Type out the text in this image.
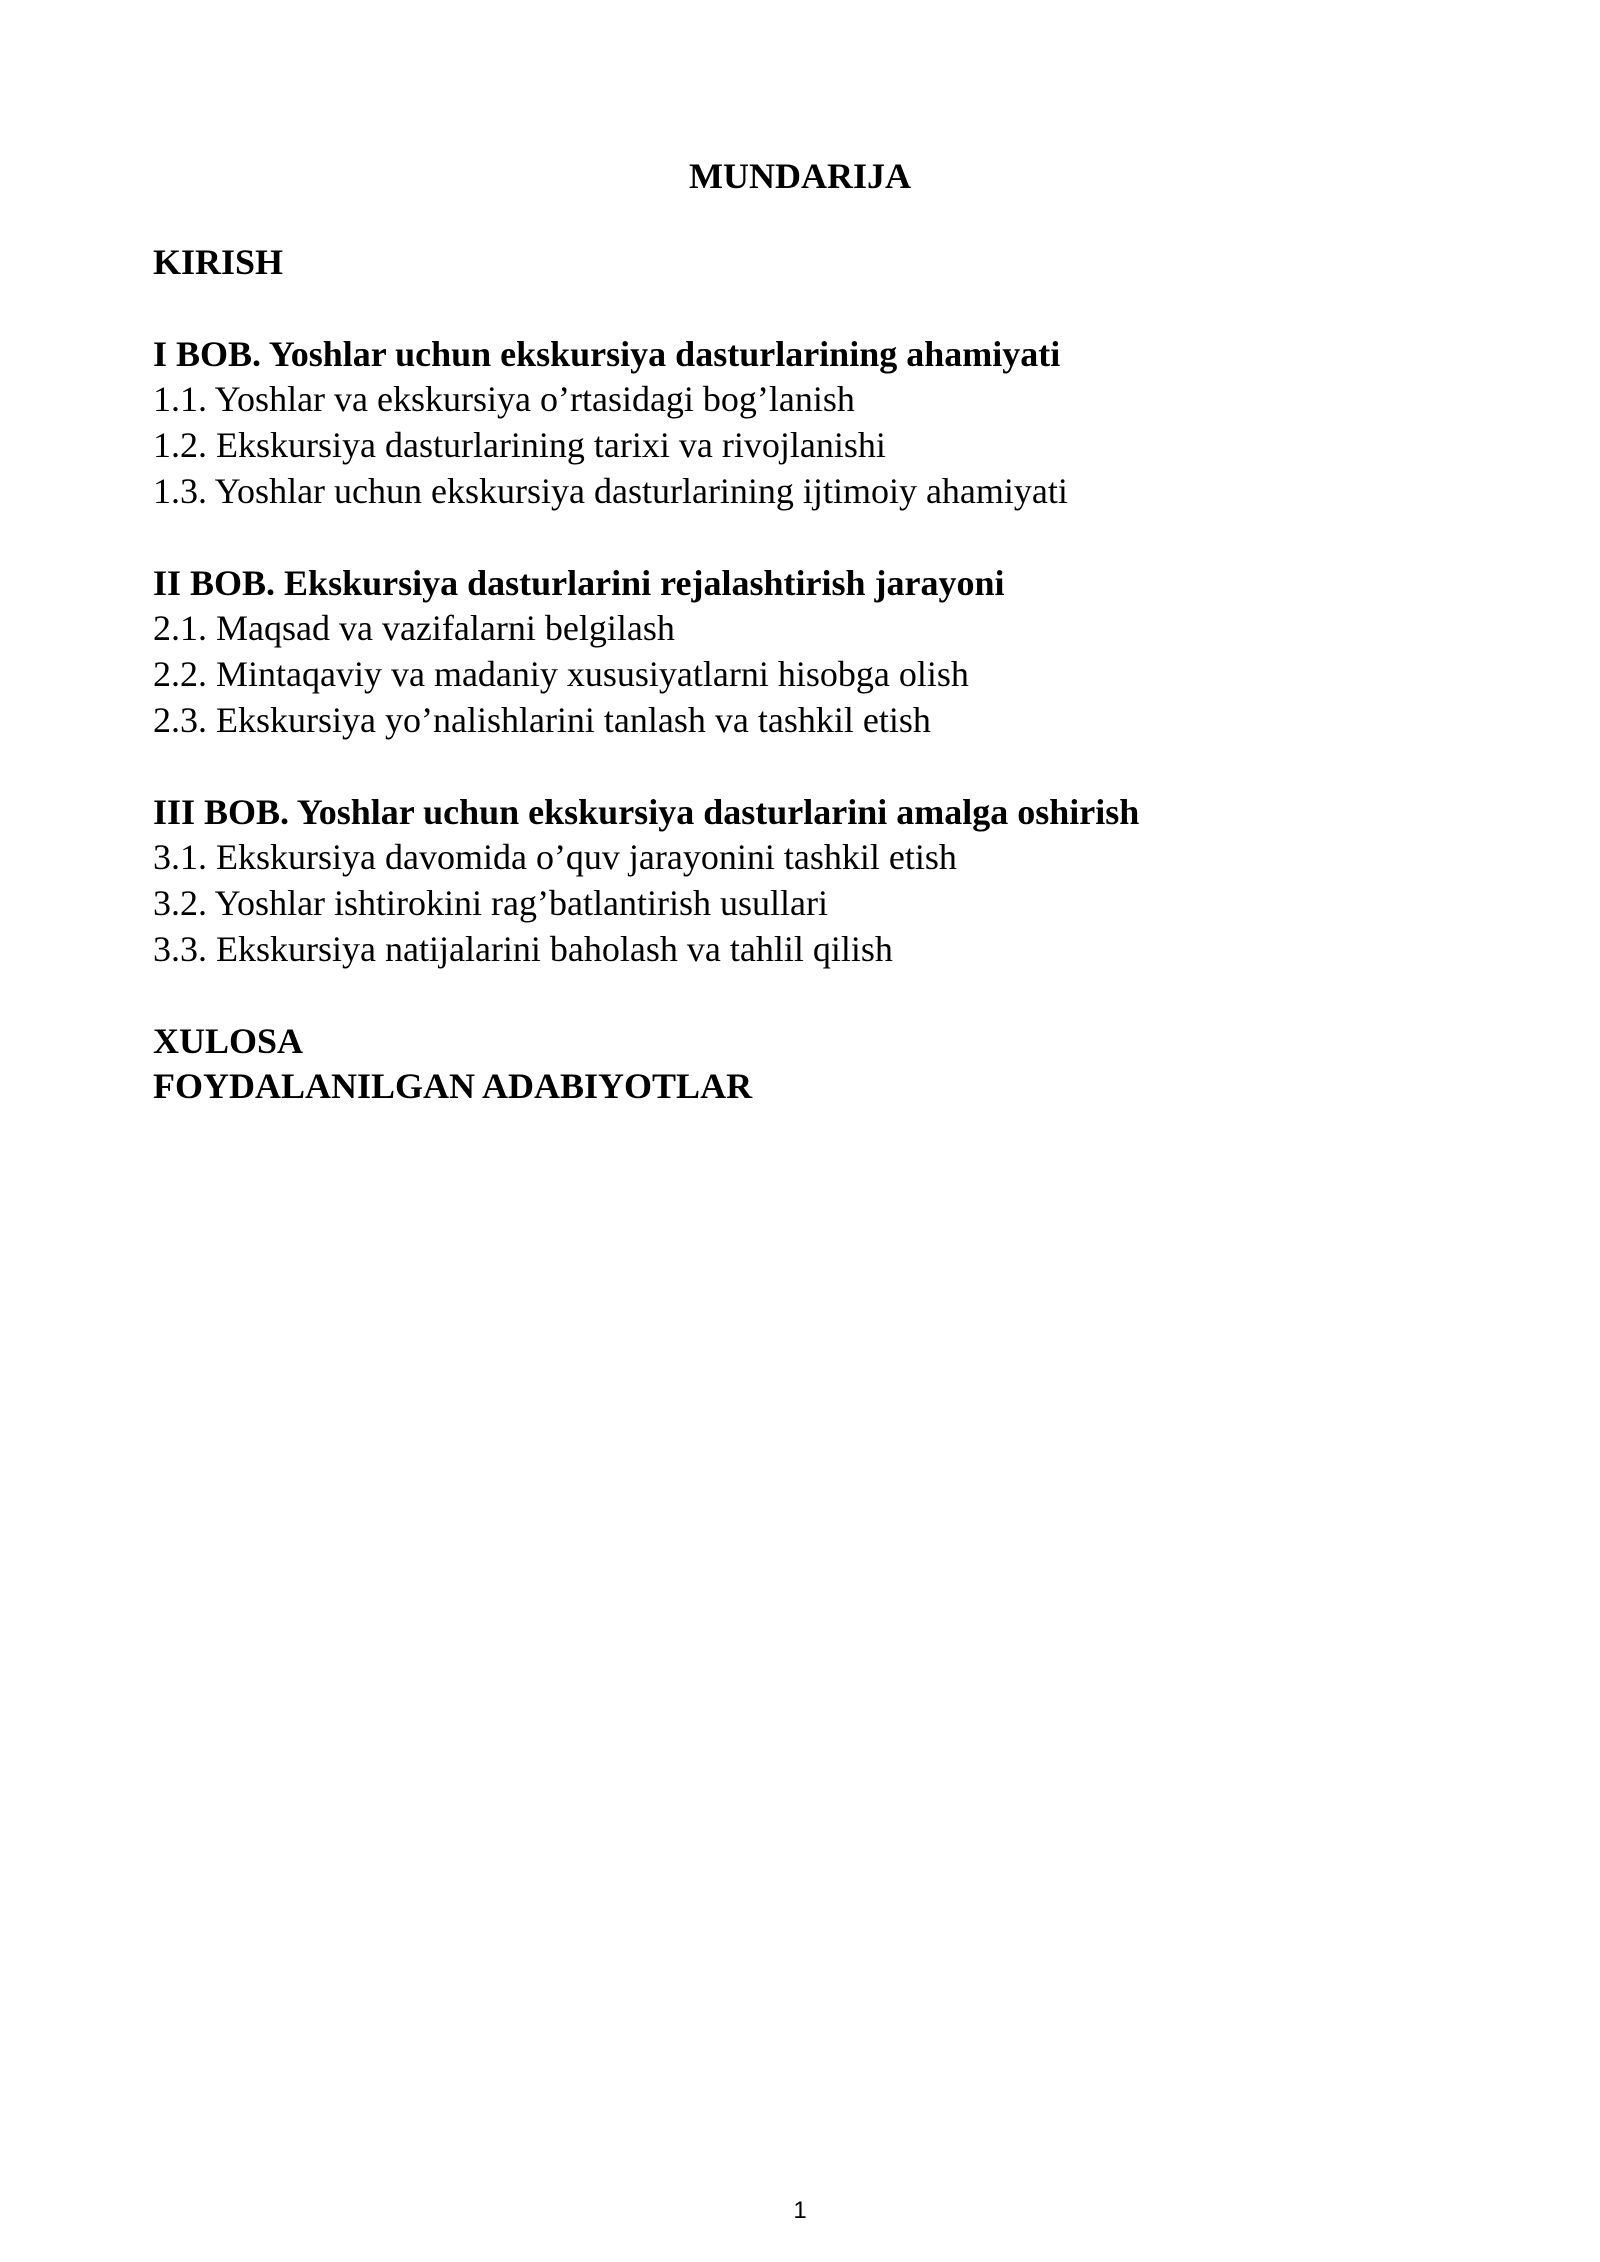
MUNDARIJA

KIRISH

I BOB. Yoshlar uchun ekskursiya dasturlarining ahamiyati

1.1. Yoshlar va ekskursiya o’rtasidagi bog’lanish

1.2. Ekskursiya dasturlarining tarixi va rivojlanishi

1.3. Yoshlar uchun ekskursiya dasturlarining ijtimoiy ahamiyati

II BOB. Ekskursiya dasturlarini rejalashtirish jarayoni

2.1. Maqsad va vazifalarni belgilash

2.2. Mintaqaviy va madaniy xususiyatlarni hisobga olish

2.3. Ekskursiya yo’nalishlarini tanlash va tashkil etish

III BOB. Yoshlar uchun ekskursiya dasturlarini amalga oshirish

3.1. Ekskursiya davomida o’quv jarayonini tashkil etish

3.2. Yoshlar ishtirokini rag’batlantirish usullari

3.3. Ekskursiya natijalarini baholash va tahlil qilish

XULOSA

FOYDALANILGAN ADABIYOTLAR

1
